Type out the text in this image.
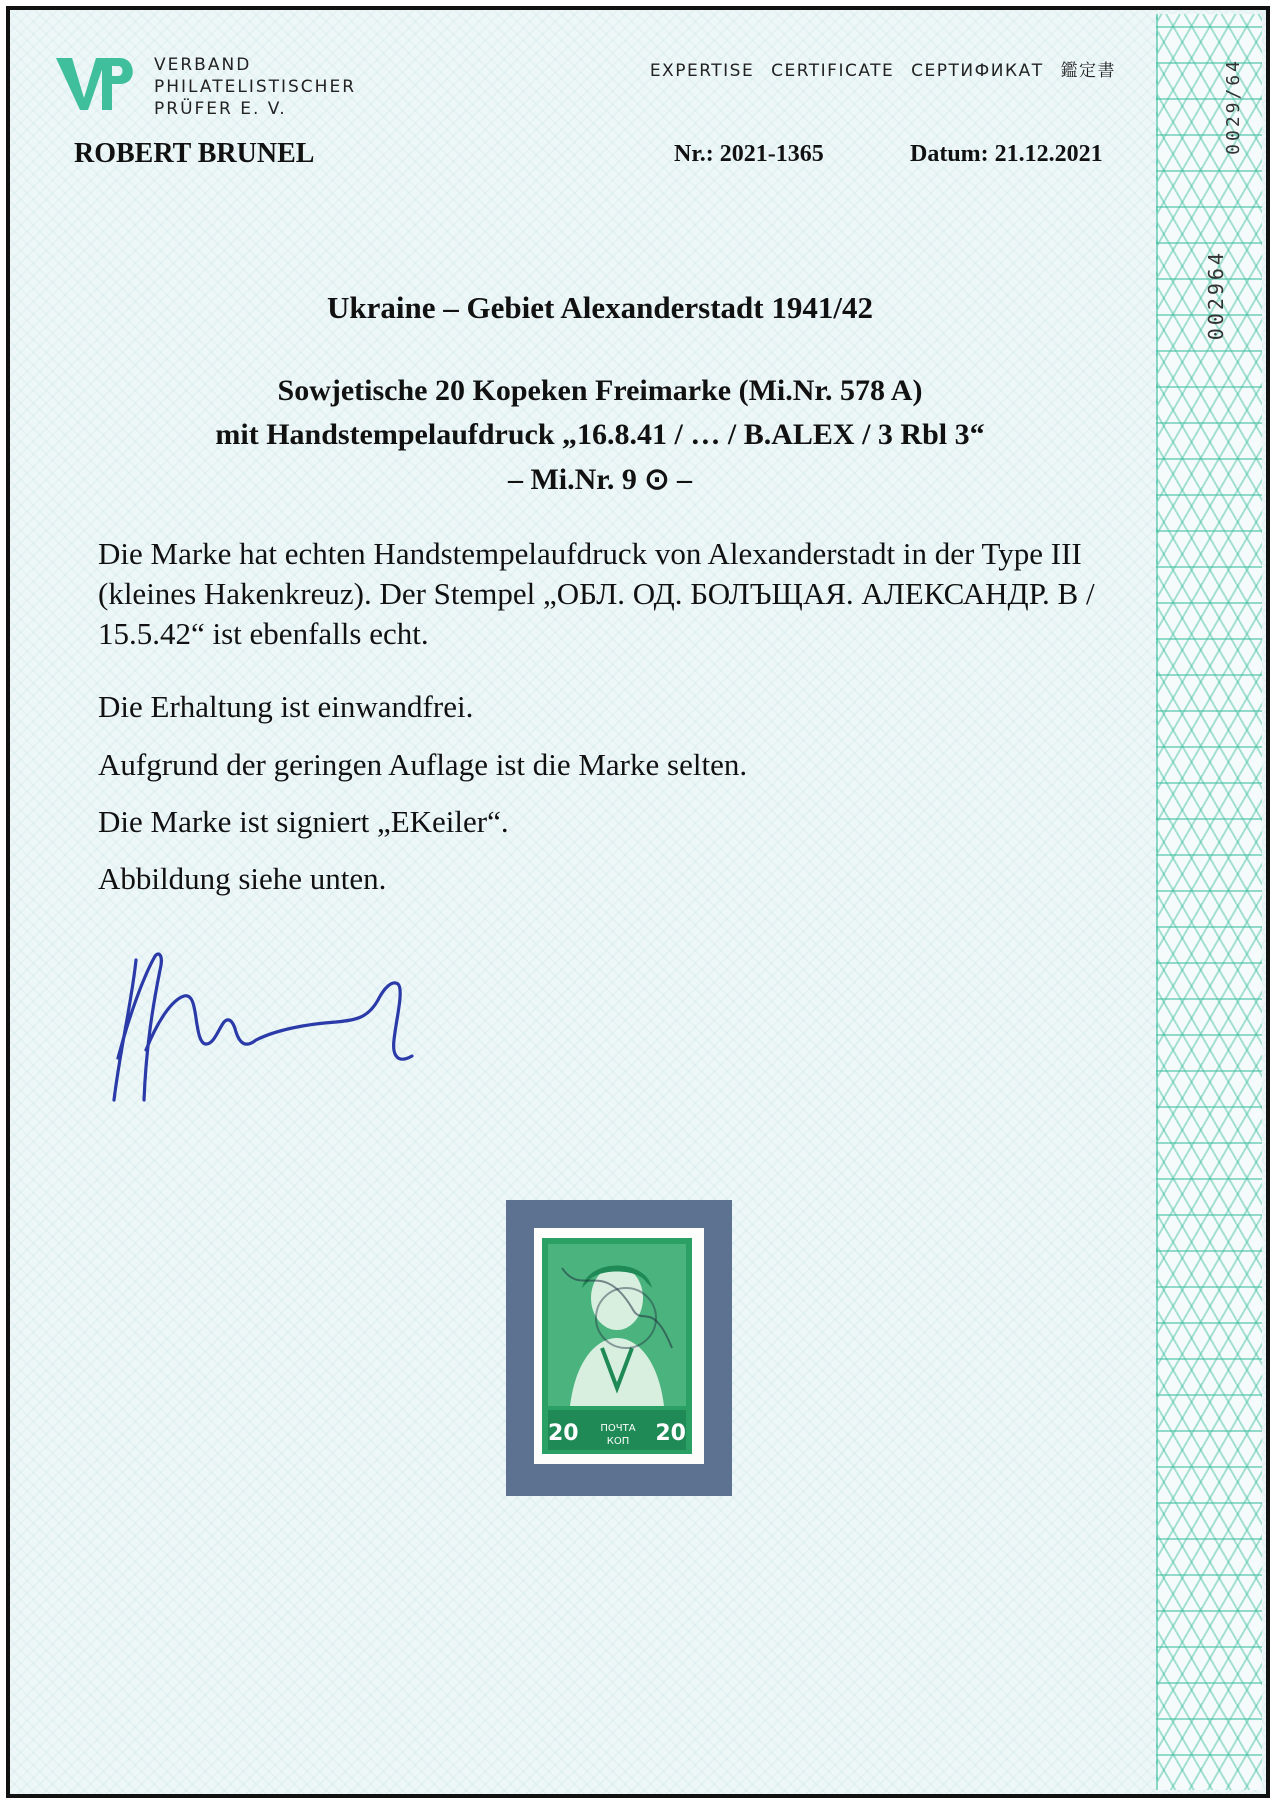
0029/64
002964
VERBAND
PHILATELISTISCHER
PRÜFER E. V.
EXPERTISE CERTIFICATE СЕРТИФИКАТ 鑑定書
ROBERT BRUNEL	Nr.: 2021-1365	Datum: 21.12.2021
Ukraine – Gebiet Alexanderstadt 1941/42
Sowjetische 20 Kopeken Freimarke (Mi.Nr. 578 A)
mit Handstempelaufdruck „16.8.41 / … / B.ALEX / 3 Rbl 3“
– Mi.Nr. 9 ⊙ –
Die Marke hat echten Handstempelaufdruck von Alexanderstadt in der Type III (kleines Hakenkreuz). Der Stempel „ОБЛ. ОД. БОЛЪЩАЯ. АЛЕКСАНДР. В / 15.5.42“ ist ebenfalls echt.
Die Erhaltung ist einwandfrei.
Aufgrund der geringen Auflage ist die Marke selten.
Die Marke ist signiert „EKeiler“.
Abbildung siehe unten.
20	ПОЧТА
КОП	20
